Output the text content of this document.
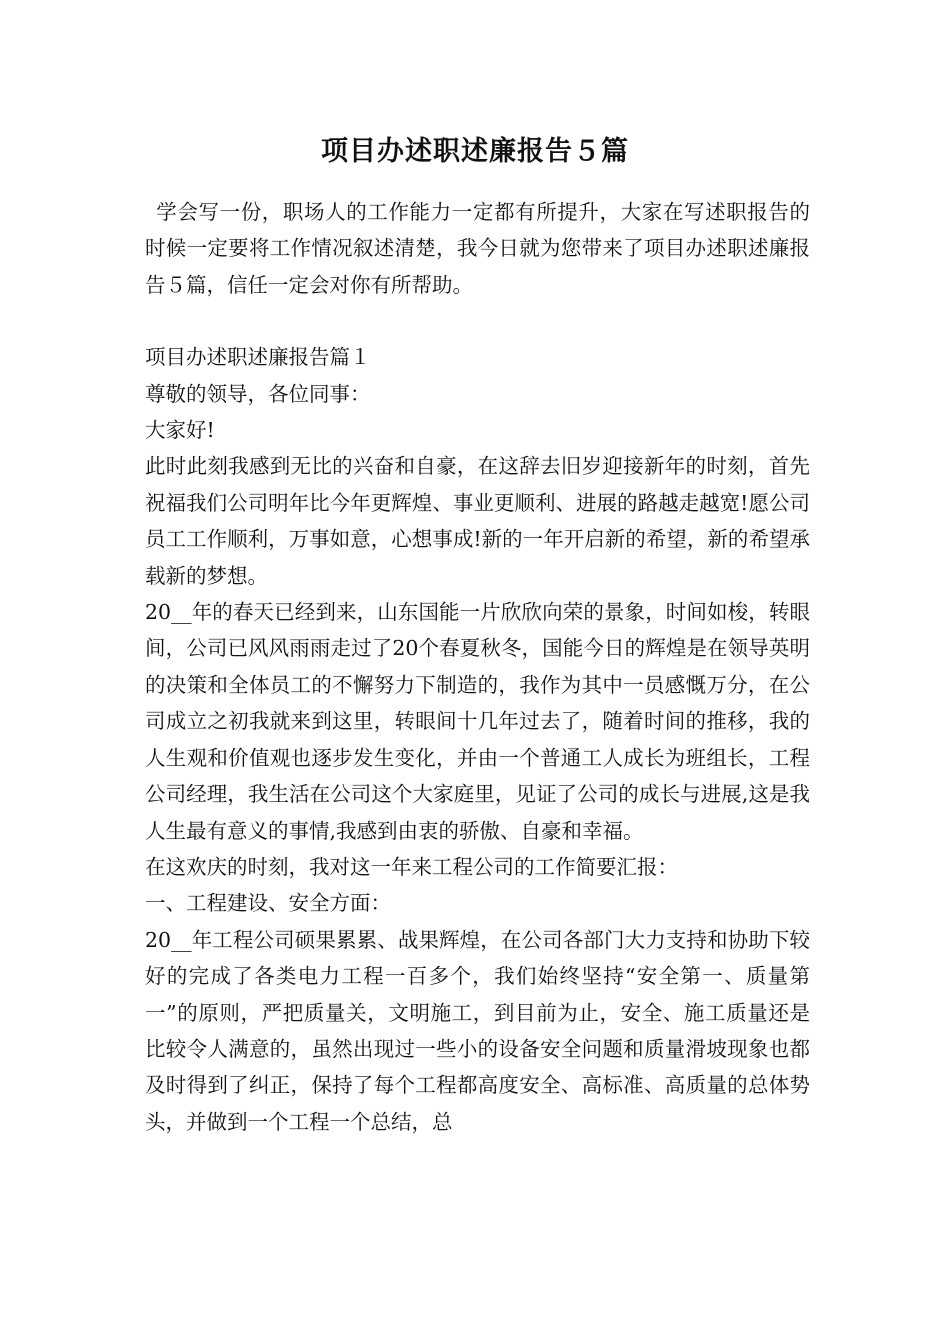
项目办述职述廉报告５篇

学会写一份，职场人的工作能力一定都有所提升，大家在写述职报告的时候一定要将工作情况叙述清楚，我今日就为您带来了项目办述职述廉报告５篇，信任一定会对你有所帮助。

项目办述职述廉报告篇１

尊敬的领导，各位同事：

大家好!

此时此刻我感到无比的兴奋和自豪，在这辞去旧岁迎接新年的时刻，首先祝福我们公司明年比今年更辉煌、事业更顺利、进展的路越走越宽!愿公司员工工作顺利，万事如意，心想事成!新的一年开启新的希望，新的希望承载新的梦想。

20__年的春天已经到来，山东国能一片欣欣向荣的景象，时间如梭，转眼间，公司已风风雨雨走过了20个春夏秋冬，国能今日的辉煌是在领导英明的决策和全体员工的不懈努力下制造的，我作为其中一员感慨万分，在公司成立之初我就来到这里，转眼间十几年过去了，随着时间的推移，我的人生观和价值观也逐步发生变化，并由一个普通工人成长为班组长，工程公司经理，我生活在公司这个大家庭里，见证了公司的成长与进展,这是我人生最有意义的事情,我感到由衷的骄傲、自豪和幸福。

在这欢庆的时刻，我对这一年来工程公司的工作简要汇报：

一、工程建设、安全方面：

20__年工程公司硕果累累、战果辉煌，在公司各部门大力支持和协助下较好的完成了各类电力工程一百多个，我们始终坚持“安全第一、质量第一”的原则，严把质量关，文明施工，到目前为止，安全、施工质量还是比较令人满意的，虽然出现过一些小的设备安全问题和质量滑坡现象也都及时得到了纠正，保持了每个工程都高度安全、高标准、高质量的总体势头，并做到一个工程一个总结，总
